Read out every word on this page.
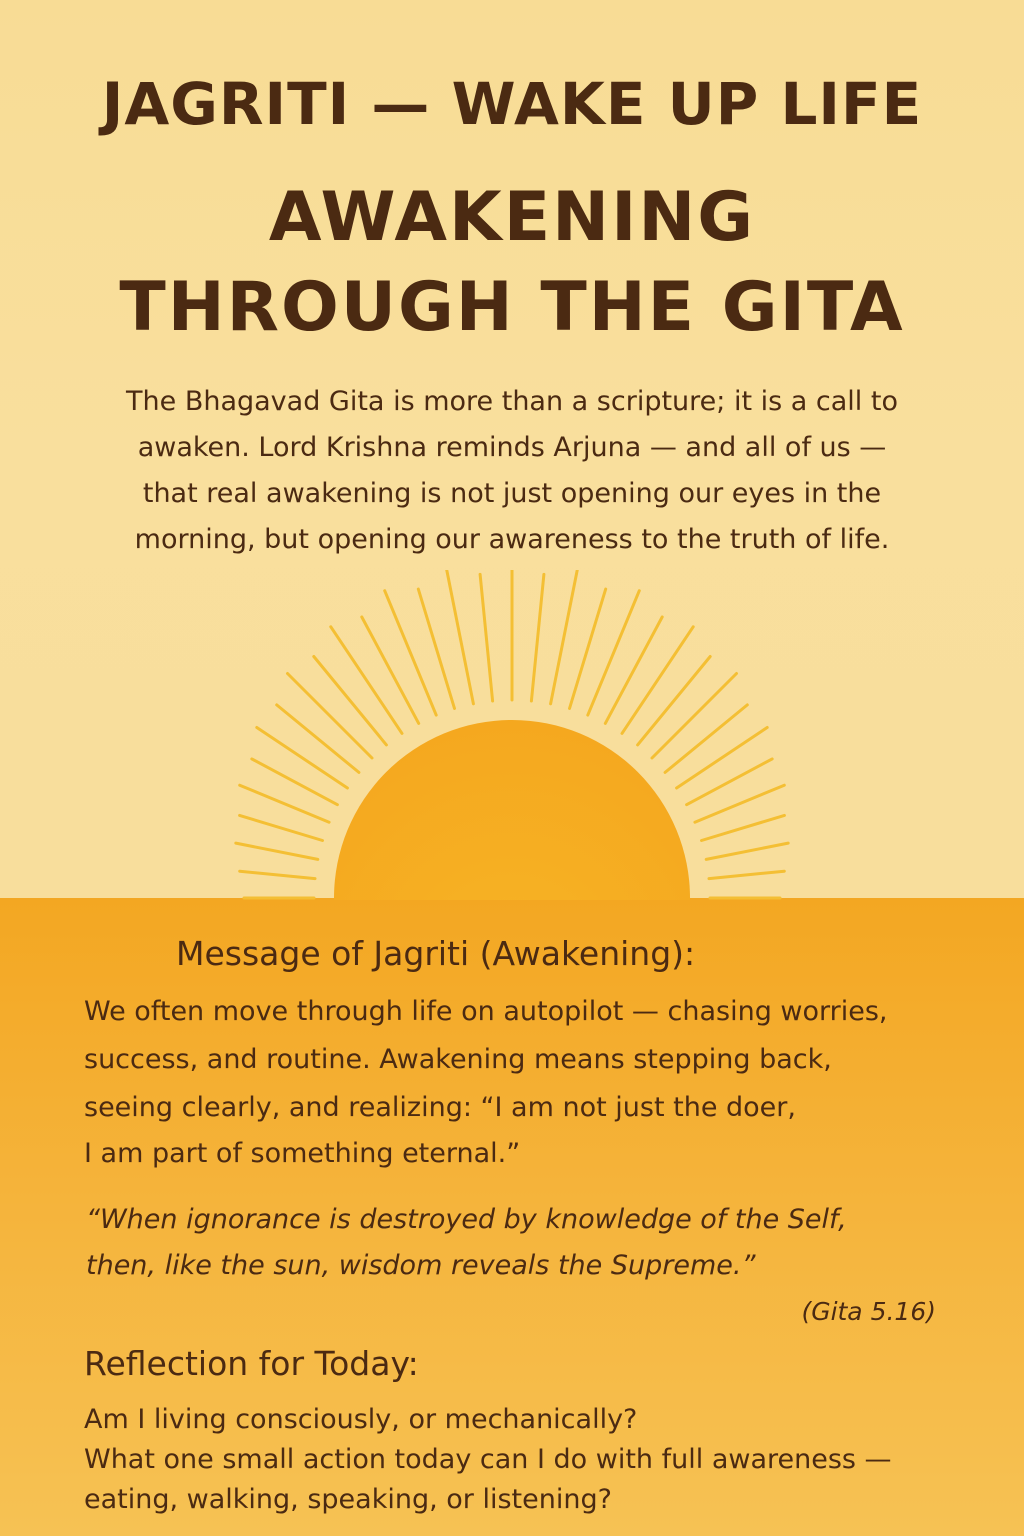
JAGRITI — WAKE UP LIFE
AWAKENING
THROUGH THE GITA
The Bhagavad Gita is more than a scripture; it is a call to
awaken. Lord Krishna reminds Arjuna — and all of us —
that real awakening is not just opening our eyes in the
morning, but opening our awareness to the truth of life.
Message of Jagriti (Awakening):
We often move through life on autopilot — chasing worries,
success, and routine. Awakening means stepping back,
seeing clearly, and realizing: “I am not just the doer,
I am part of something eternal.”
“When ignorance is destroyed by knowledge of the Self,
then, like the sun, wisdom reveals the Supreme.”
(Gita 5.16)
Reflection for Today:
Am I living consciously, or mechanically?
What one small action today can I do with full awareness —
eating, walking, speaking, or listening?
